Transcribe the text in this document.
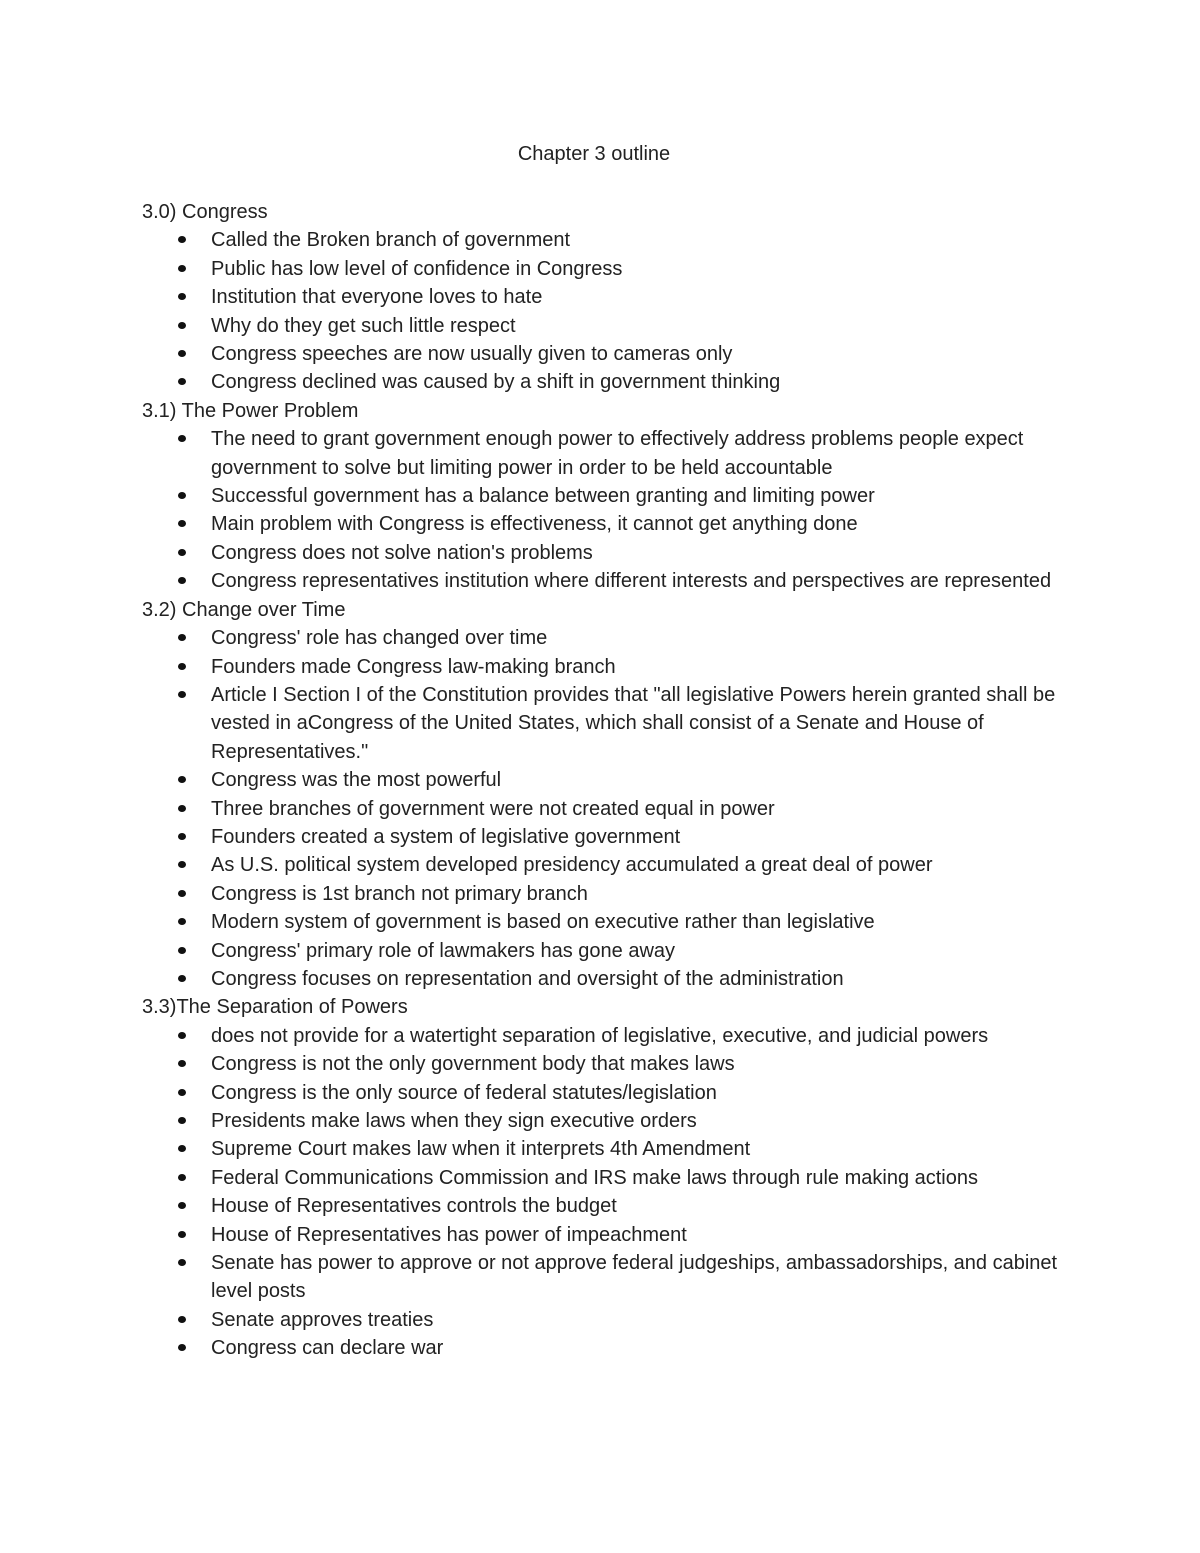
Chapter 3 outline
3.0) Congress
Called the Broken branch of government
Public has low level of confidence in Congress
Institution that everyone loves to hate
Why do they get such little respect
Congress speeches are now usually given to cameras only
Congress declined was caused by a shift in government thinking
3.1) The Power Problem
The need to grant government enough power to effectively address problems people expect government to solve but limiting power in order to be held accountable
Successful government has a balance between granting and limiting power
Main problem with Congress is effectiveness, it cannot get anything done
Congress does not solve nation's problems
Congress representatives institution where different interests and perspectives are represented
3.2) Change over Time
Congress' role has changed over time
Founders made Congress law-making branch
Article I Section I of the Constitution provides that "all legislative Powers herein granted shall be vested in aCongress of the United States, which shall consist of a Senate and House of Representatives."
Congress was the most powerful
Three branches of government were not created equal in power
Founders created a system of legislative government
As U.S. political system developed presidency accumulated a great deal of power
Congress is 1st branch not primary branch
Modern system of government is based on executive rather than legislative
Congress' primary role of lawmakers has gone away
Congress focuses on representation and oversight of the administration
3.3)The Separation of Powers
does not provide for a watertight separation of legislative, executive, and judicial powers
Congress is not the only government body that makes laws
Congress is the only source of federal statutes/legislation
Presidents make laws when they sign executive orders
Supreme Court makes law when it interprets 4th Amendment
Federal Communications Commission and IRS make laws through rule making actions
House of Representatives controls the budget
House of Representatives has power of impeachment
Senate has power to approve or not approve federal judgeships, ambassadorships, and cabinet level posts
Senate approves treaties
Congress can declare war
